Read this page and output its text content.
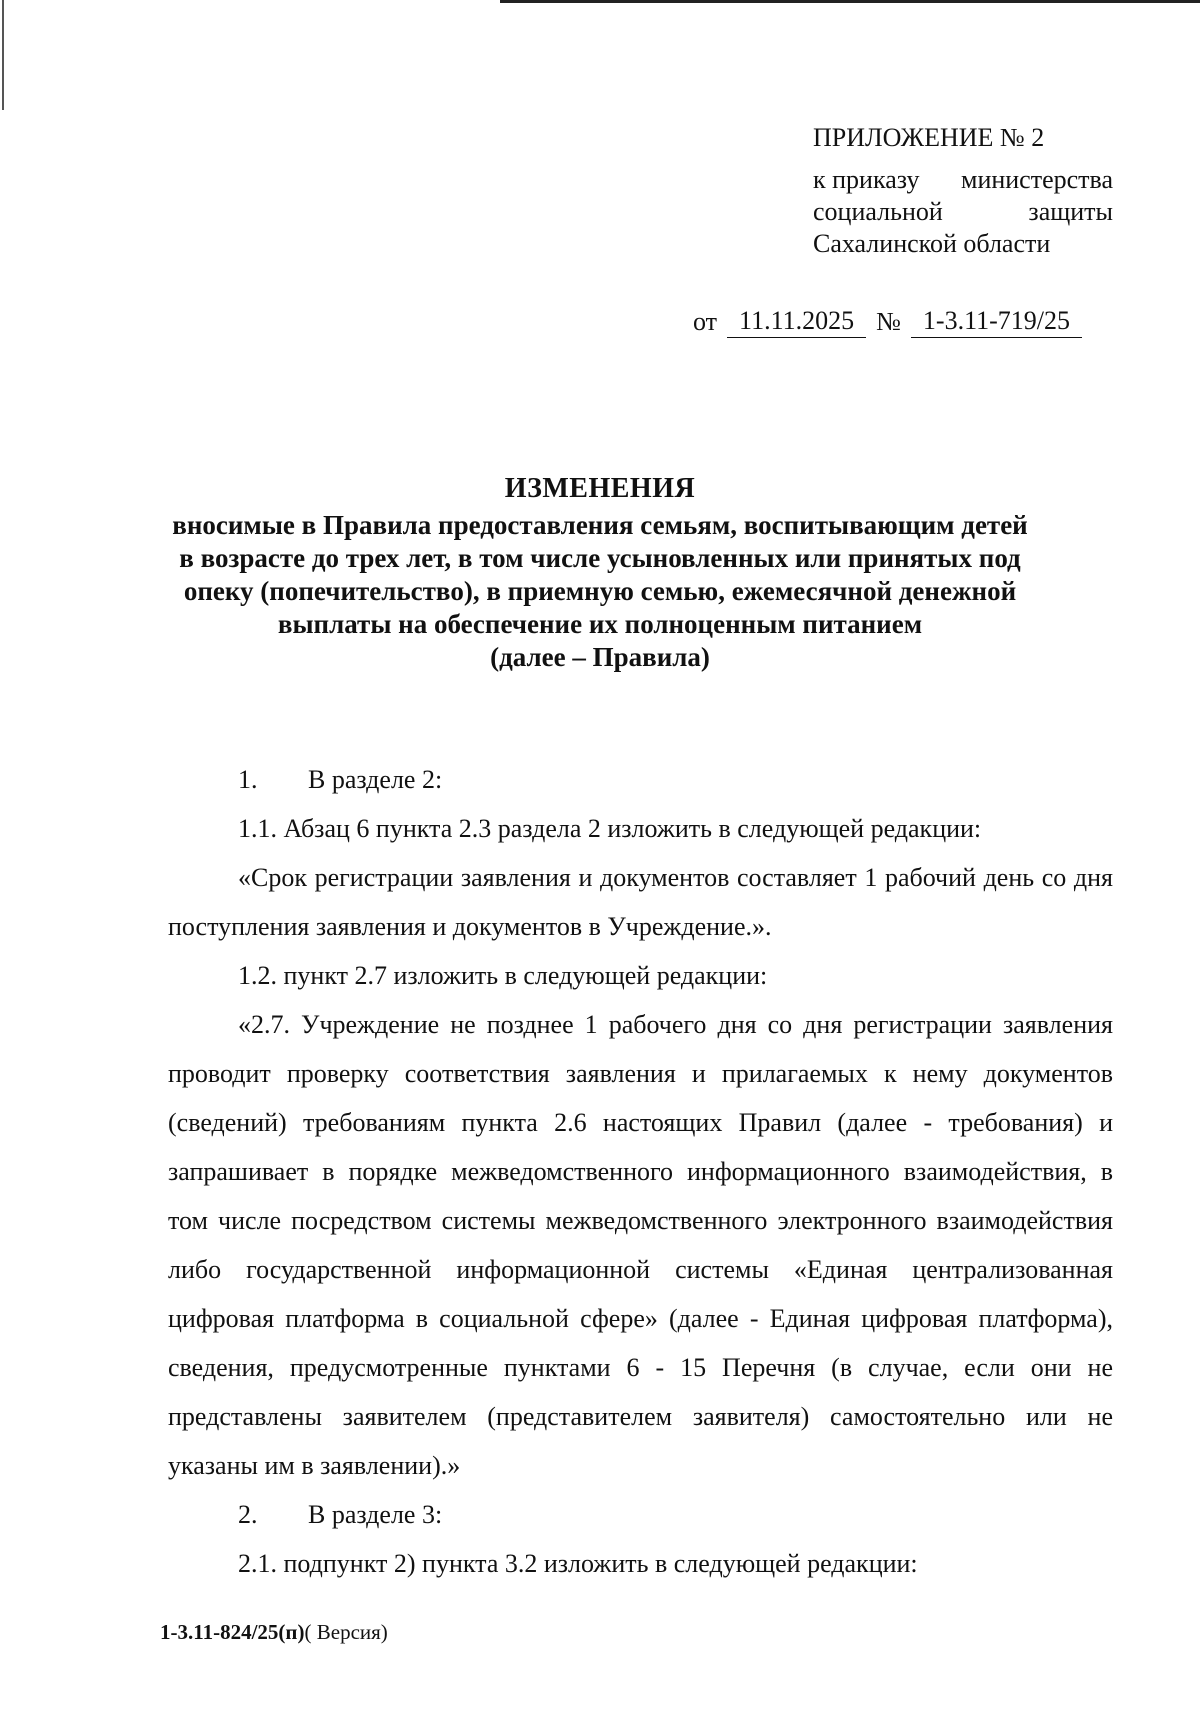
ПРИЛОЖЕНИЕ № 2
к приказу министерства
социальной	защиты
Сахалинской области
от 11.11.2025 № 1-3.11-719/25
ИЗМЕНЕНИЯ
вносимые в Правила предоставления семьям, воспитывающим детей
в возрасте до трех лет, в том числе усыновленных или принятых под
опеку (попечительство), в приемную семью, ежемесячной денежной
выплаты на обеспечение их полноценным питанием
(далее – Правила)

1. В разделе 2:

1.1. Абзац 6 пункта 2.3 раздела 2 изложить в следующей редакции:

«Срок регистрации заявления и документов составляет 1 рабочий день со дня поступления заявления и документов в Учреждение.».

1.2. пункт 2.7 изложить в следующей редакции:

«2.7. Учреждение не позднее 1 рабочего дня со дня регистрации заявления проводит проверку соответствия заявления и прилагаемых к нему документов (сведений) требованиям пункта 2.6 настоящих Правил (далее - требования) и запрашивает в порядке межведомственного информационного взаимодействия, в том числе посредством системы межведомственного электронного взаимодействия либо государственной информационной системы «Единая централизованная цифровая платформа в социальной сфере» (далее - Единая цифровая платформа), сведения, предусмотренные пунктами 6 - 15 Перечня (в случае, если они не представлены заявителем (представителем заявителя) самостоятельно или не указаны им в заявлении).»

2. В разделе 3:

2.1. подпункт 2) пункта 3.2 изложить в следующей редакции:

1-3.11-824/25(п)( Версия)
